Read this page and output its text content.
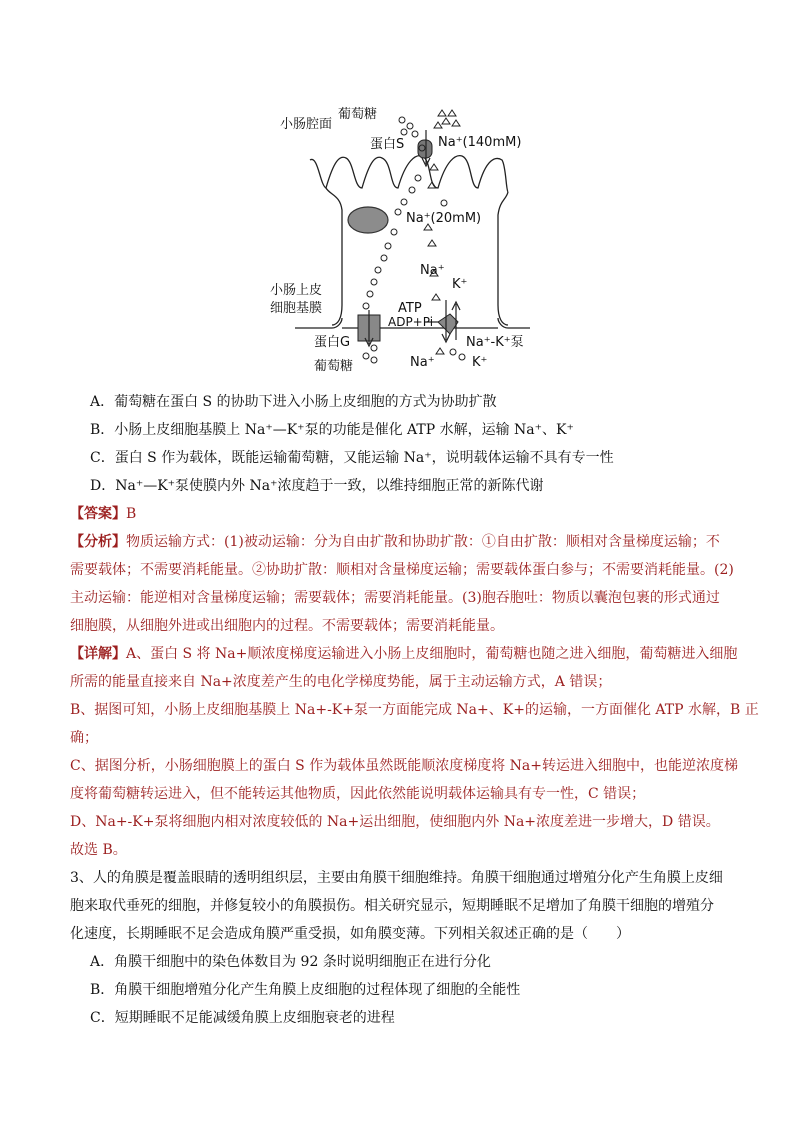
小肠腔面
葡萄糖
蛋白S	Na⁺(140mM)
Na⁺(20mM)
Na⁺
K⁺
小肠上皮
细胞基膜	ATP
ADP+Pi
Na⁺-K⁺泵
蛋白G
葡萄糖	Na⁺	K⁺
A．葡萄糖在蛋白 S 的协助下进入小肠上皮细胞的方式为协助扩散
B．小肠上皮细胞基膜上 Na⁺—K⁺泵的功能是催化 ATP 水解，运输 Na⁺、K⁺
C．蛋白 S 作为载体，既能运输葡萄糖，又能运输 Na⁺，说明载体运输不具有专一性
D．Na⁺—K⁺泵使膜内外 Na⁺浓度趋于一致，以维持细胞正常的新陈代谢
【答案】B
【分析】物质运输方式：(1)被动运输：分为自由扩散和协助扩散：①自由扩散：顺相对含量梯度运输；不
需要载体；不需要消耗能量。②协助扩散：顺相对含量梯度运输；需要载体蛋白参与；不需要消耗能量。(2)
主动运输：能逆相对含量梯度运输；需要载体；需要消耗能量。(3)胞吞胞吐：物质以囊泡包裹的形式通过
细胞膜，从细胞外进或出细胞内的过程。不需要载体；需要消耗能量。
【详解】A、蛋白 S 将 Na+顺浓度梯度运输进入小肠上皮细胞时，葡萄糖也随之进入细胞，葡萄糖进入细胞
所需的能量直接来自 Na+浓度差产生的电化学梯度势能，属于主动运输方式，A 错误；
B、据图可知，小肠上皮细胞基膜上 Na+-K+泵一方面能完成 Na+、K+的运输，一方面催化 ATP 水解，B 正
确；
C、据图分析，小肠细胞膜上的蛋白 S 作为载体虽然既能顺浓度梯度将 Na+转运进入细胞中，也能逆浓度梯
度将葡萄糖转运进入，但不能转运其他物质，因此依然能说明载体运输具有专一性，C 错误；
D、Na+-K+泵将细胞内相对浓度较低的 Na+运出细胞，使细胞内外 Na+浓度差进一步增大，D 错误。
故选 B。
3、人的角膜是覆盖眼睛的透明组织层，主要由角膜干细胞维持。角膜干细胞通过增殖分化产生角膜上皮细
胞来取代垂死的细胞，并修复较小的角膜损伤。相关研究显示，短期睡眠不足增加了角膜干细胞的增殖分
化速度，长期睡眠不足会造成角膜严重受损，如角膜变薄。下列相关叙述正确的是（　　）
A．角膜干细胞中的染色体数目为 92 条时说明细胞正在进行分化
B．角膜干细胞增殖分化产生角膜上皮细胞的过程体现了细胞的全能性
C．短期睡眠不足能减缓角膜上皮细胞衰老的进程
